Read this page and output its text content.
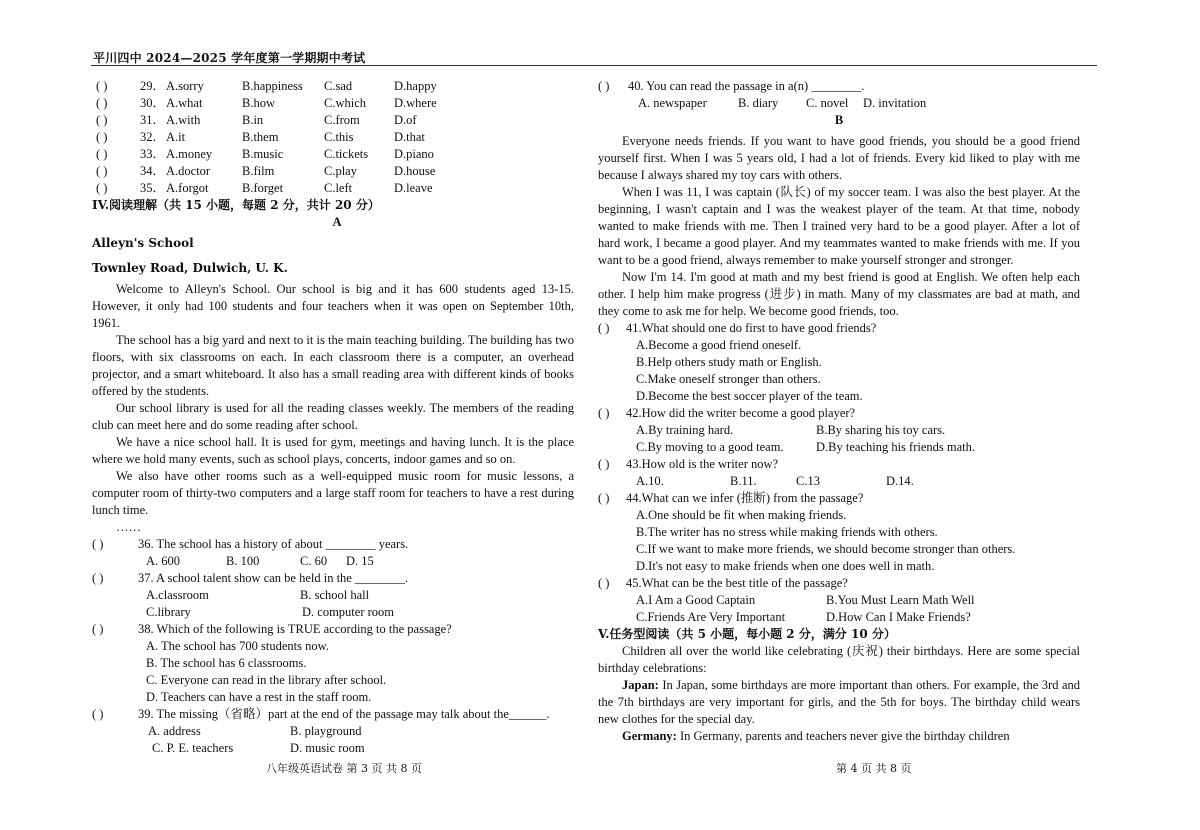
平川四中 2024—2025 学年度第一学期期中考试
( )	29． A.sorry	B.happiness	C.sad	D.happy
( )	30． A.what	B.how	C.which	D.where
( )	31． A.with	B.in	C.from	D.of
( )	32． A.it	B.them	C.this	D.that
( )	33． A.money	B.music	C.tickets	D.piano
( )	34． A.doctor	B.film	C.play	D.house
( )	35． A.forgot	B.forget	C.left	D.leave
IV.阅读理解（共 15 小题，每题 2 分，共计 20 分）
A
Alleyn's School
Townley Road, Dulwich, U. K.

Welcome to Alleyn's School. Our school is big and it has 600 students aged 13-15. However, it only had 100 students and four teachers when it was open on September 10th, 1961.

The school has a big yard and next to it is the main teaching building. The building has two floors, with six classrooms on each. In each classroom there is a computer, an overhead projector, and a smart whiteboard. It also has a small reading area with different kinds of books offered by the students.

Our school library is used for all the reading classes weekly. The members of the reading club can meet here and do some reading after school.

We have a nice school hall. It is used for gym, meetings and having lunch. It is the place where we hold many events, such as school plays, concerts, indoor games and so on.

We also have other rooms such as a well-equipped music room for music lessons, a computer room of thirty-two computers and a large staff room for teachers to have a rest during lunch time.

……
( )	36. The school has a history of about ________ years.
A. 600	B. 100	C. 60	D. 15
( )	37. A school talent show can be held in the ________.
A.classroom	B. school hall
C.library	D. computer room
( )	38. Which of the following is TRUE according to the passage?
A. The school has 700 students now.
B. The school has 6 classrooms.
C. Everyone can read in the library after school.
D. Teachers can have a rest in the staff room.
( )	39. The missing（省略）part at the end of the passage may talk about the______.
A. address	B. playground
C. P. E. teachers	D. music room
( )	40. You can read the passage in a(n) ________.
A. newspaper	B. diary	C. novel	D. invitation
B

Everyone needs friends. If you want to have good friends, you should be a good friend yourself first. When I was 5 years old, I had a lot of friends. Every kid liked to play with me because I always shared my toy cars with others.

When I was 11, I was captain (队长) of my soccer team. I was also the best player. At the beginning, I wasn't captain and I was the weakest player of the team. At that time, nobody wanted to make friends with me. Then I trained very hard to be a good player. After a lot of hard work, I became a good player. And my teammates wanted to make friends with me. If you want to be a good friend, always remember to make yourself stronger and stronger.

Now I'm 14. I'm good at math and my best friend is good at English. We often help each other. I help him make progress (进步) in math. Many of my classmates are bad at math, and they come to ask me for help. We become good friends, too.

( )	41.What should one do first to have good friends?
A.Become a good friend oneself.
B.Help others study math or English.
C.Make oneself stronger than others.
D.Become the best soccer player of the team.
( )	42.How did the writer become a good player?
A.By training hard.	B.By sharing his toy cars.
C.By moving to a good team.	D.By teaching his friends math.
( )	43.How old is the writer now?
A.10.	B.11.	C.13	D.14.
( )	44.What can we infer (推断) from the passage?
A.One should be fit when making friends.
B.The writer has no stress while making friends with others.
C.If we want to make more friends, we should become stronger than others.
D.It's not easy to make friends when one does well in math.
( )	45.What can be the best title of the passage?
A.I Am a Good Captain	B.You Must Learn Math Well
C.Friends Are Very Important	D.How Can I Make Friends?
V.任务型阅读（共 5 小题，每小题 2 分，满分 10 分）

Children all over the world like celebrating (庆祝) their birthdays. Here are some special birthday celebrations:

Japan: In Japan, some birthdays are more important than others. For example, the 3rd and the 7th birthdays are very important for girls, and the 5th for boys. The birthday child wears new clothes for the special day.

Germany: In Germany, parents and teachers never give the birthday children

八年级英语试卷 第 3 页 共 8 页	第 4 页 共 8 页
